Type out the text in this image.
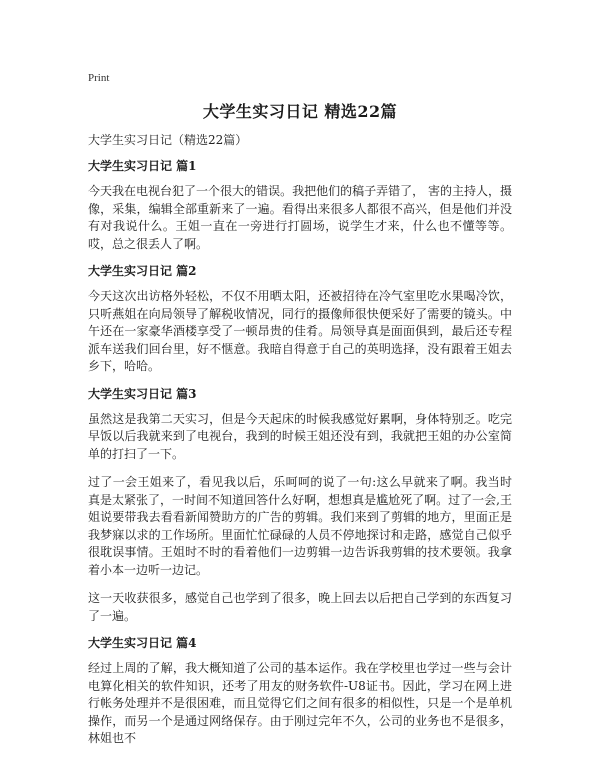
Print
大学生实习日记 精选22篇
大学生实习日记（精选22篇）
大学生实习日记 篇1

今天我在电视台犯了一个很大的错误。我把他们的稿子弄错了， 害的主持人，摄像，采集，编辑全部重新来了一遍。看得出来很多人都很不高兴，但是他们并没有对我说什么。王姐一直在一旁进行打圆场，说学生才来，什么也不懂等等。哎，总之很丢人了啊。

大学生实习日记 篇2

今天这次出访格外轻松，不仅不用晒太阳，还被招待在冷气室里吃水果喝冷饮，只听燕姐在向局领导了解税收情况，同行的摄像师很快便采好了需要的镜头。中午还在一家豪华酒楼享受了一顿昂贵的佳肴。局领导真是面面俱到，最后还专程派车送我们回台里，好不惬意。我暗自得意于自己的英明选择，没有跟着王姐去乡下，哈哈。

大学生实习日记 篇3

虽然这是我第二天实习，但是今天起床的时候我感觉好累啊，身体特别乏。吃完早饭以后我就来到了电视台，我到的时候王姐还没有到，我就把王姐的办公室简单的打扫了一下。

过了一会王姐来了，看见我以后，乐呵呵的说了一句:这么早就来了啊。我当时真是太紧张了，一时间不知道回答什么好啊，想想真是尴尬死了啊。过了一会,王姐说要带我去看看新闻赞助方的广告的剪辑。我们来到了剪辑的地方，里面正是我梦寐以求的工作场所。里面忙忙碌碌的人员不停地探讨和走路，感觉自己似乎很耽误事情。王姐时不时的看着他们一边剪辑一边告诉我剪辑的技术要领。我拿着小本一边听一边记。

这一天收获很多，感觉自己也学到了很多，晚上回去以后把自己学到的东西复习了一遍。

大学生实习日记 篇4

经过上周的了解，我大概知道了公司的基本运作。我在学校里也学过一些与会计电算化相关的软件知识，还考了用友的财务软件-U8证书。因此，学习在网上进行帐务处理并不是很困难，而且觉得它们之间有很多的相似性，只是一个是单机操作，而另一个是通过网络保存。由于刚过完年不久，公司的业务也不是很多，林姐也不
